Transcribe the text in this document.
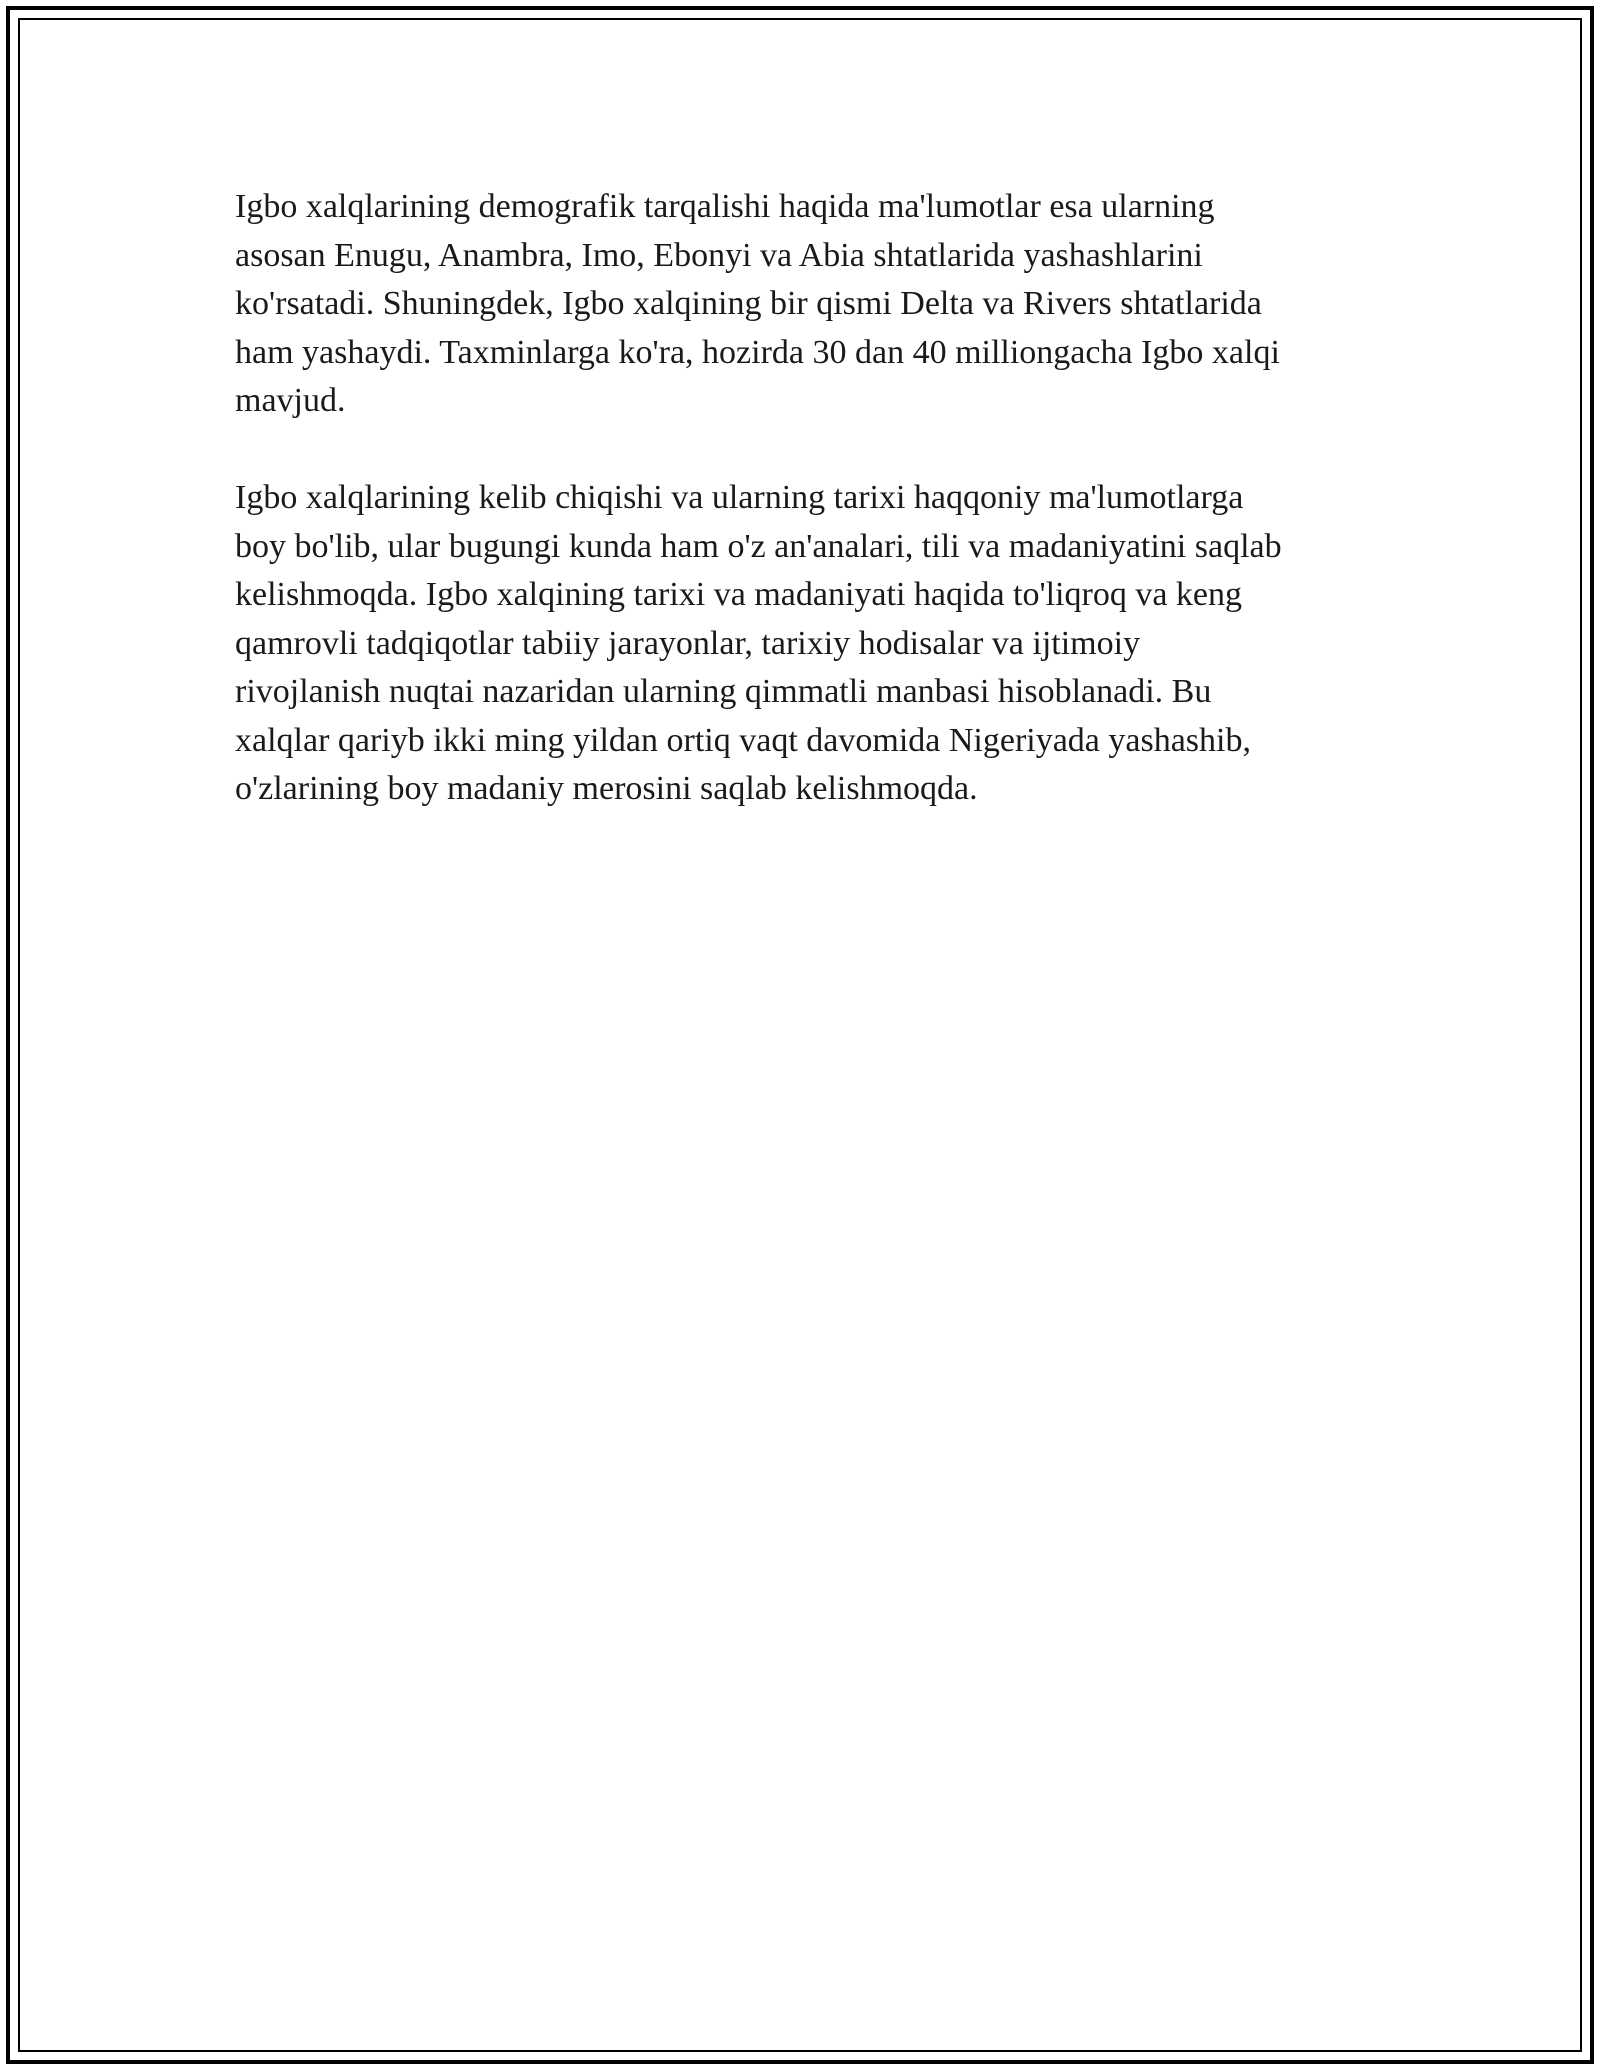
Igbo xalqlarining demografik tarqalishi haqida ma'lumotlar esa ularning
asosan Enugu, Anambra, Imo, Ebonyi va Abia shtatlarida yashashlarini
ko'rsatadi. Shuningdek, Igbo xalqining bir qismi Delta va Rivers shtatlarida
ham yashaydi. Taxminlarga ko'ra, hozirda 30 dan 40 milliongacha Igbo xalqi
mavjud.

Igbo xalqlarining kelib chiqishi va ularning tarixi haqqoniy ma'lumotlarga
boy bo'lib, ular bugungi kunda ham o'z an'analari, tili va madaniyatini saqlab
kelishmoqda. Igbo xalqining tarixi va madaniyati haqida to'liqroq va keng
qamrovli tadqiqotlar tabiiy jarayonlar, tarixiy hodisalar va ijtimoiy
rivojlanish nuqtai nazaridan ularning qimmatli manbasi hisoblanadi. Bu
xalqlar qariyb ikki ming yildan ortiq vaqt davomida Nigeriyada yashashib,
o'zlarining boy madaniy merosini saqlab kelishmoqda.
